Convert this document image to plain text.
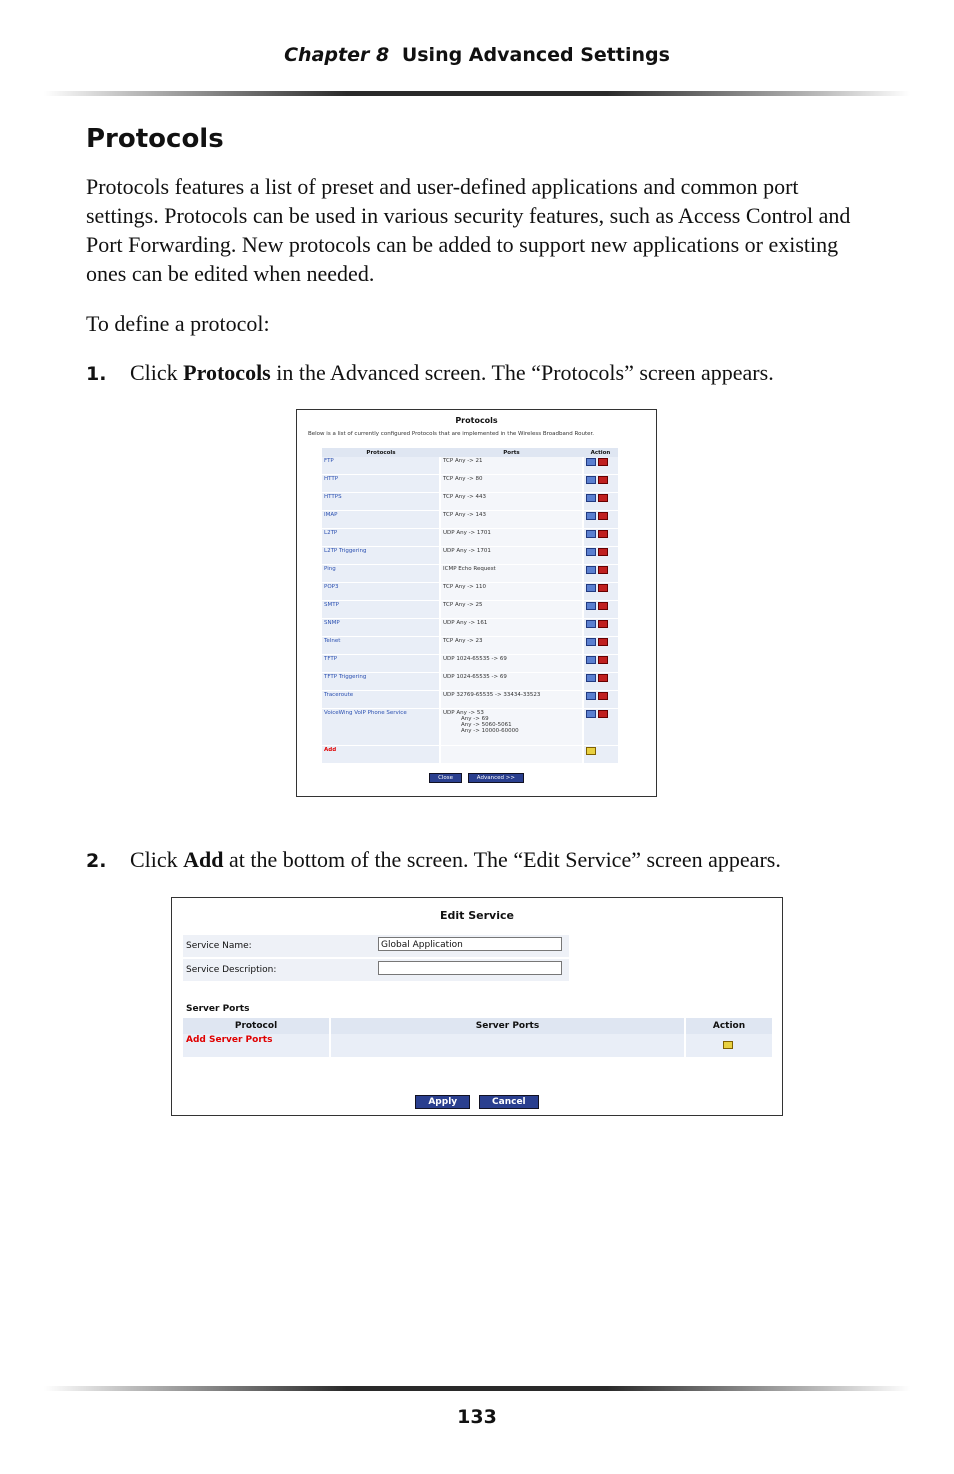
Chapter 8 Using Advanced Settings
Protocols
Protocols features a list of preset and user-defined applications and common port settings. Protocols can be used in various security features, such as Access Control and Port Forwarding. New protocols can be added to support new applications or existing ones can be edited when needed.
To define a protocol:
1. Click Protocols in the Advanced screen. The “Protocols” screen appears.
Protocols
Below is a list of currently configured Protocols that are implemented in the Wireless Broadband Router.
Protocols	Ports	Action
FTP	TCP Any -> 21	
HTTP	TCP Any -> 80	
HTTPS	TCP Any -> 443	
IMAP	TCP Any -> 143	
L2TP	UDP Any -> 1701	
L2TP Triggering	UDP Any -> 1701	
Ping	ICMP Echo Request	
POP3	TCP Any -> 110	
SMTP	TCP Any -> 25	
SNMP	UDP Any -> 161	
Telnet	TCP Any -> 23	
TFTP	UDP 1024-65535 -> 69	
TFTP Triggering	UDP 1024-65535 -> 69	
Traceroute	UDP 32769-65535 -> 33434-33523	
VoiceWing VoIP Phone Service	UDP Any -> 53
Any -> 69
Any -> 5060-5061
Any -> 10000-60000	

Add		
Close	Advanced >>
2. Click Add at the bottom of the screen. The “Edit Service” screen appears.
Edit Service
Service Name:	Global Application
Service Description:
Server Ports
Protocol	Server Ports	Action
Add Server Ports		
Apply	Cancel
133
